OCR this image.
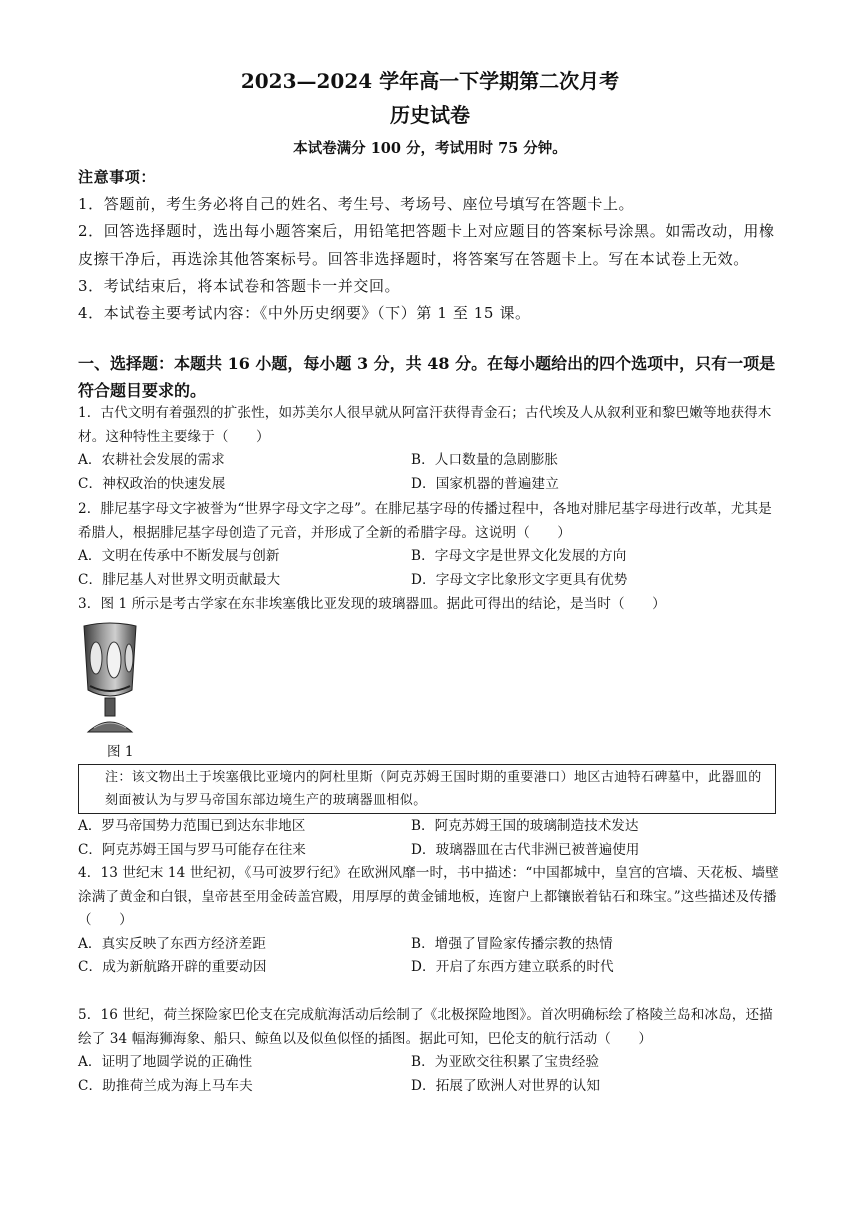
2023—2024 学年高一下学期第二次月考
历史试卷
本试卷满分 100 分，考试用时 75 分钟。
注意事项：
1．答题前，考生务必将自己的姓名、考生号、考场号、座位号填写在答题卡上。
2．回答选择题时，选出每小题答案后，用铅笔把答题卡上对应题目的答案标号涂黑。如需改动，用橡皮擦干净后，再选涂其他答案标号。回答非选择题时，将答案写在答题卡上。写在本试卷上无效。
3．考试结束后，将本试卷和答题卡一并交回。
4．本试卷主要考试内容：《中外历史纲要》（下）第 1 至 15 课。
一、选择题：本题共 16 小题，每小题 3 分，共 48 分。在每小题给出的四个选项中，只有一项是符合题目要求的。
1．古代文明有着强烈的扩张性，如苏美尔人很早就从阿富汗获得青金石；古代埃及人从叙利亚和黎巴嫩等地获得木材。这种特性主要缘于（　　）
A．农耕社会发展的需求	B．人口数量的急剧膨胀
C．神权政治的快速发展	D．国家机器的普遍建立
2．腓尼基字母文字被誉为“世界字母文字之母”。在腓尼基字母的传播过程中，各地对腓尼基字母进行改革，尤其是希腊人，根据腓尼基字母创造了元音，并形成了全新的希腊字母。这说明（　　）
A．文明在传承中不断发展与创新	B．字母文字是世界文化发展的方向
C．腓尼基人对世界文明贡献最大	D．字母文字比象形文字更具有优势
3．图 1 所示是考古学家在东非埃塞俄比亚发现的玻璃器皿。据此可得出的结论，是当时（　　）
图 1
注：该文物出土于埃塞俄比亚境内的阿杜里斯（阿克苏姆王国时期的重要港口）地区古迪特石碑墓中，此器皿的刻面被认为与罗马帝国东部边境生产的玻璃器皿相似。
A．罗马帝国势力范围已到达东非地区	B．阿克苏姆王国的玻璃制造技术发达
C．阿克苏姆王国与罗马可能存在往来	D．玻璃器皿在古代非洲已被普遍使用
4．13 世纪末 14 世纪初，《马可波罗行纪》在欧洲风靡一时，书中描述：“中国都城中，皇宫的宫墙、天花板、墙壁涂满了黄金和白银，皇帝甚至用金砖盖宫殿，用厚厚的黄金铺地板，连窗户上都镶嵌着钻石和珠宝。”这些描述及传播（　　）
A．真实反映了东西方经济差距	B．增强了冒险家传播宗教的热情
C．成为新航路开辟的重要动因	D．开启了东西方建立联系的时代
5．16 世纪，荷兰探险家巴伦支在完成航海活动后绘制了《北极探险地图》。首次明确标绘了格陵兰岛和冰岛，还描绘了 34 幅海狮海象、船只、鲸鱼以及似鱼似怪的插图。据此可知，巴伦支的航行活动（　　）
A．证明了地圆学说的正确性	B．为亚欧交往积累了宝贵经验
C．助推荷兰成为海上马车夫	D．拓展了欧洲人对世界的认知
